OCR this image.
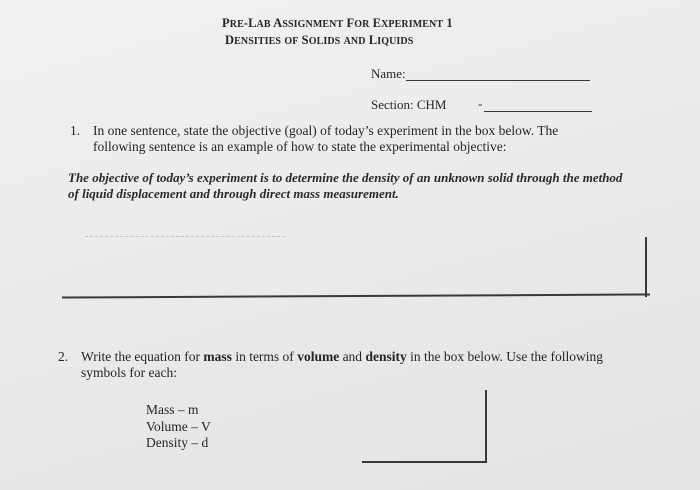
PRE-LAB ASSIGNMENT FOR EXPERIMENT 1
DENSITIES OF SOLIDS AND LIQUIDS
Name:
Section: CHM -
1. In one sentence, state the objective (goal) of today’s experiment in the box below. The following sentence is an example of how to state the experimental objective:
The objective of today’s experiment is to determine the density of an unknown solid through the method of liquid displacement and through direct mass measurement.
2. Write the equation for mass in terms of volume and density in the box below. Use the following symbols for each:
Mass – m
Volume – V
Density – d
